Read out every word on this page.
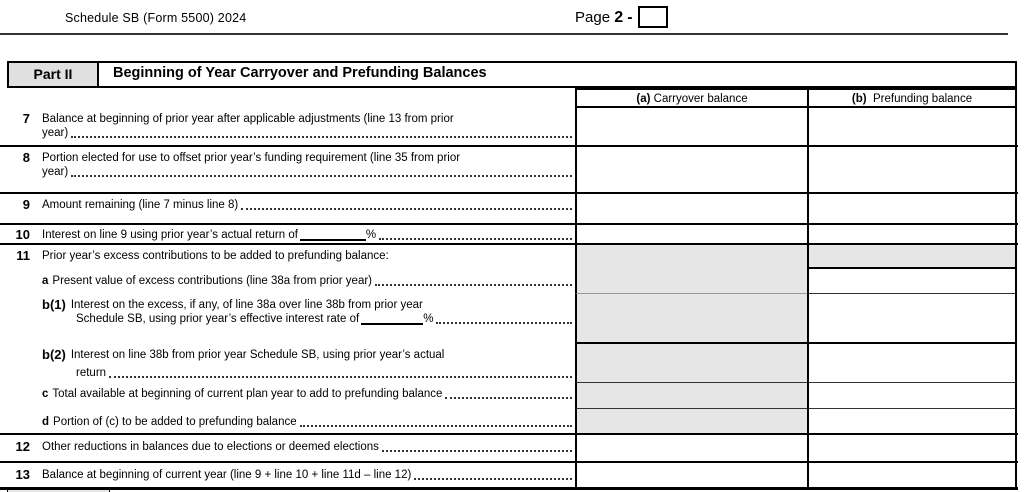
Schedule SB (Form 5500) 2024	Page 2 -
Part II	Beginning of Year Carryover and Prefunding Balances
(a) Carryover balance	(b) Prefunding balance
7 Balance at beginning of prior year after applicable adjustments (line 13 from prior
year)
8 Portion elected for use to offset prior year’s funding requirement (line 35 from prior
year)
9 Amount remaining (line 7 minus line 8)
10 Interest on line 9 using prior year’s actual return of	%
11 Prior year’s excess contributions to be added to prefunding balance:
a Present value of excess contributions (line 38a from prior year)
b(1) Interest on the excess, if any, of line 38a over line 38b from prior year
Schedule SB, using prior year’s effective interest rate of	%
b(2) Interest on line 38b from prior year Schedule SB, using prior year’s actual
return
c Total available at beginning of current plan year to add to prefunding balance
d Portion of (c) to be added to prefunding balance
12 Other reductions in balances due to elections or deemed elections
13 Balance at beginning of current year (line 9 + line 10 + line 11d – line 12)
